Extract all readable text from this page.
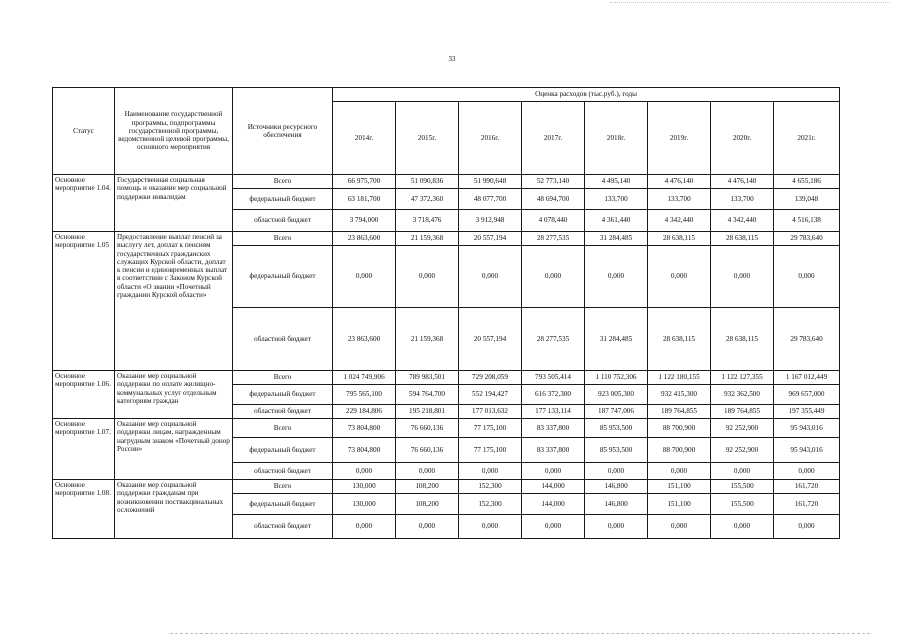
33
Статус	Наименование государственной программы, подпрограммы государственной программы, ведомственной целевой программы, основного мероприятия	Источники ресурсного обеспечения	Оценка расходов (тыс.руб.), годы							
			2014г.	2015г.	2016г.	2017г.	2018г.	2019г.	2020г.	2021г.
Основное мероприятие 1.04.	Государственная социальная помощь и оказание мер социальной поддержки инвалидам	Всего	66 975,700	51 090,836	51 990,648	52 773,140	4 495,140	4 476,140	4 476,140	4 655,186
		федеральный бюджет	63 181,700	47 372,360	48 077,700	48 694,700	133,700	133,700	133,700	139,048
		областной бюджет	3 794,000	3 718,476	3 912,948	4 078,440	4 361,440	4 342,440	4 342,440	4 516,138
Основное мероприятие 1.05	Предоставление выплат пенсий за выслугу лет, доплат к пенсиям государственных гражданских служащих Курской области, доплат к пенсии и единовременных выплат в соответствии с Законом Курской области «О звании «Почетный гражданин Курской области»	Всего	23 863,600	21 159,368	20 557,194	28 277,535	31 284,485	28 638,115	28 638,115	29 783,640
		федеральный бюджет	0,000	0,000	0,000	0,000	0,000	0,000	0,000	0,000
		областной бюджет	23 863,600	21 159,368	20 557,194	28 277,535	31 284,485	28 638,115	28 638,115	29 783,640
Основное мероприятие 1.06.	Оказание мер социальной поддержки по оплате жилищно-коммунальных услуг отдельным категориям граждан	Всего	1 024 749,906	789 983,501	729 208,059	793 505,414	1 110 752,306	1 122 180,155	1 122 127,355	1 167 012,449
		федеральный бюджет	795 565,100	594 764,700	552 194,427	616 372,300	923 005,300	932 415,300	932 362,500	969 657,000
		областной бюджет	229 184,806	195 218,801	177 013,632	177 133,114	187 747,006	189 764,855	189 764,855	197 355,449
Основное мероприятие 1.07.	Оказание мер социальной поддержки лицам, награжденным нагрудным знаком «Почетный донор России»	Всего	73 804,800	76 660,136	77 175,100	83 337,800	85 953,500	88 700,900	92 252,900	95 943,016
		федеральный бюджет	73 804,800	76 660,136	77 175,100	83 337,800	85 953,500	88 700,900	92 252,900	95 943,016
		областной бюджет	0,000	0,000	0,000	0,000	0,000	0,000	0,000	0,000
Основное мероприятие 1.08.	Оказание мер социальной поддержки гражданам при возникновении поствакцинальных осложнений	Всего	130,000	108,200	152,300	144,000	146,800	151,100	155,500	161,720
		федеральный бюджет	130,000	108,200	152,300	144,000	146,800	151,100	155,500	161,720
		областной бюджет	0,000	0,000	0,000	0,000	0,000	0,000	0,000	0,000
